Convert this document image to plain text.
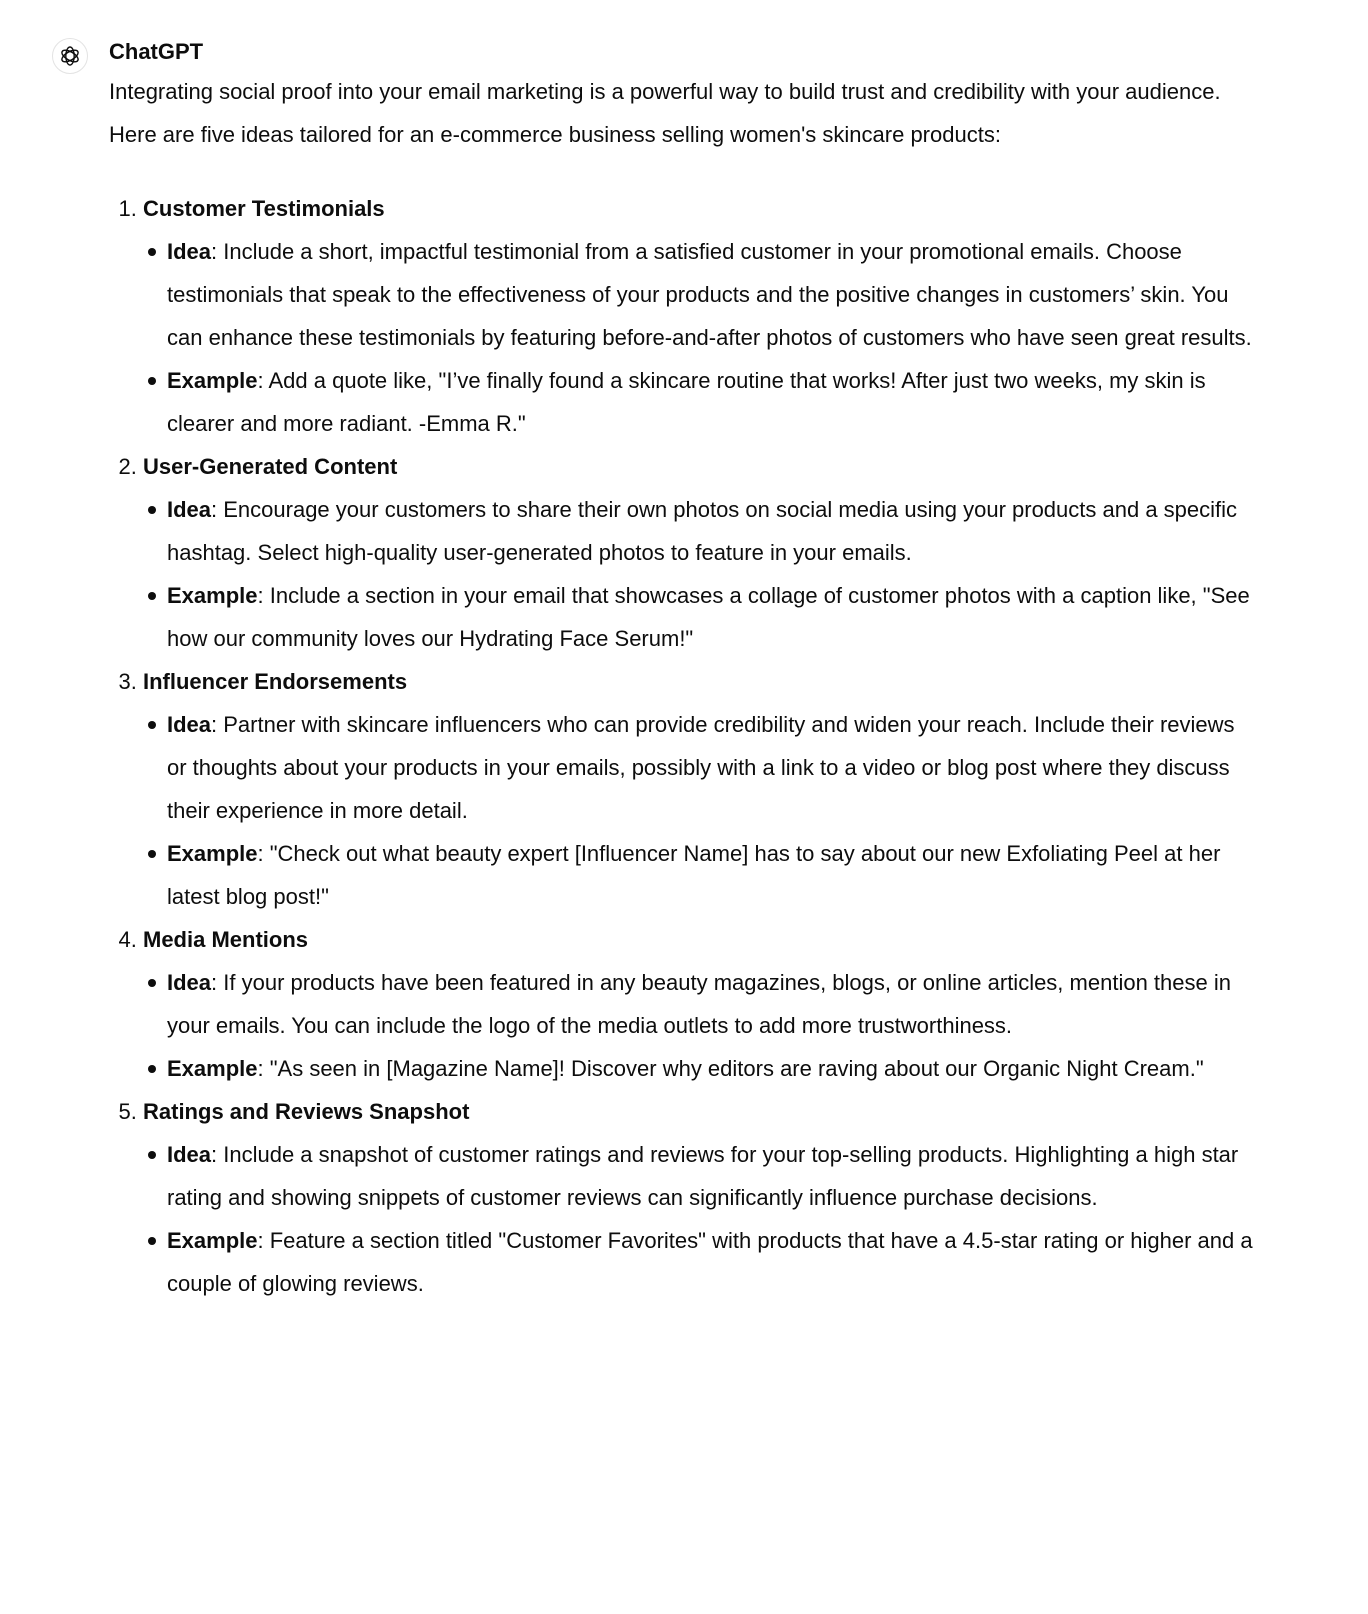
ChatGPT

Integrating social proof into your email marketing is a powerful way to build trust and credibility with your audience. Here are five ideas tailored for an e-commerce business selling women's skincare products:

1. Customer Testimonials
Idea: Include a short, impactful testimonial from a satisfied customer in your promotional emails. Choose testimonials that speak to the effectiveness of your products and the positive changes in customers’ skin. You can enhance these testimonials by featuring before-and-after photos of customers who have seen great results.
Example: Add a quote like, "I’ve finally found a skincare routine that works! After just two weeks, my skin is clearer and more radiant. -Emma R."
2. User-Generated Content
Idea: Encourage your customers to share their own photos on social media using your products and a specific hashtag. Select high-quality user-generated photos to feature in your emails.
Example: Include a section in your email that showcases a collage of customer photos with a caption like, "See how our community loves our Hydrating Face Serum!"
3. Influencer Endorsements
Idea: Partner with skincare influencers who can provide credibility and widen your reach. Include their reviews or thoughts about your products in your emails, possibly with a link to a video or blog post where they discuss their experience in more detail.
Example: "Check out what beauty expert [Influencer Name] has to say about our new Exfoliating Peel at her latest blog post!"
4. Media Mentions
Idea: If your products have been featured in any beauty magazines, blogs, or online articles, mention these in your emails. You can include the logo of the media outlets to add more trustworthiness.
Example: "As seen in [Magazine Name]! Discover why editors are raving about our Organic Night Cream."
5. Ratings and Reviews Snapshot
Idea: Include a snapshot of customer ratings and reviews for your top-selling products. Highlighting a high star rating and showing snippets of customer reviews can significantly influence purchase decisions.
Example: Feature a section titled "Customer Favorites" with products that have a 4.5-star rating or higher and a couple of glowing reviews.
